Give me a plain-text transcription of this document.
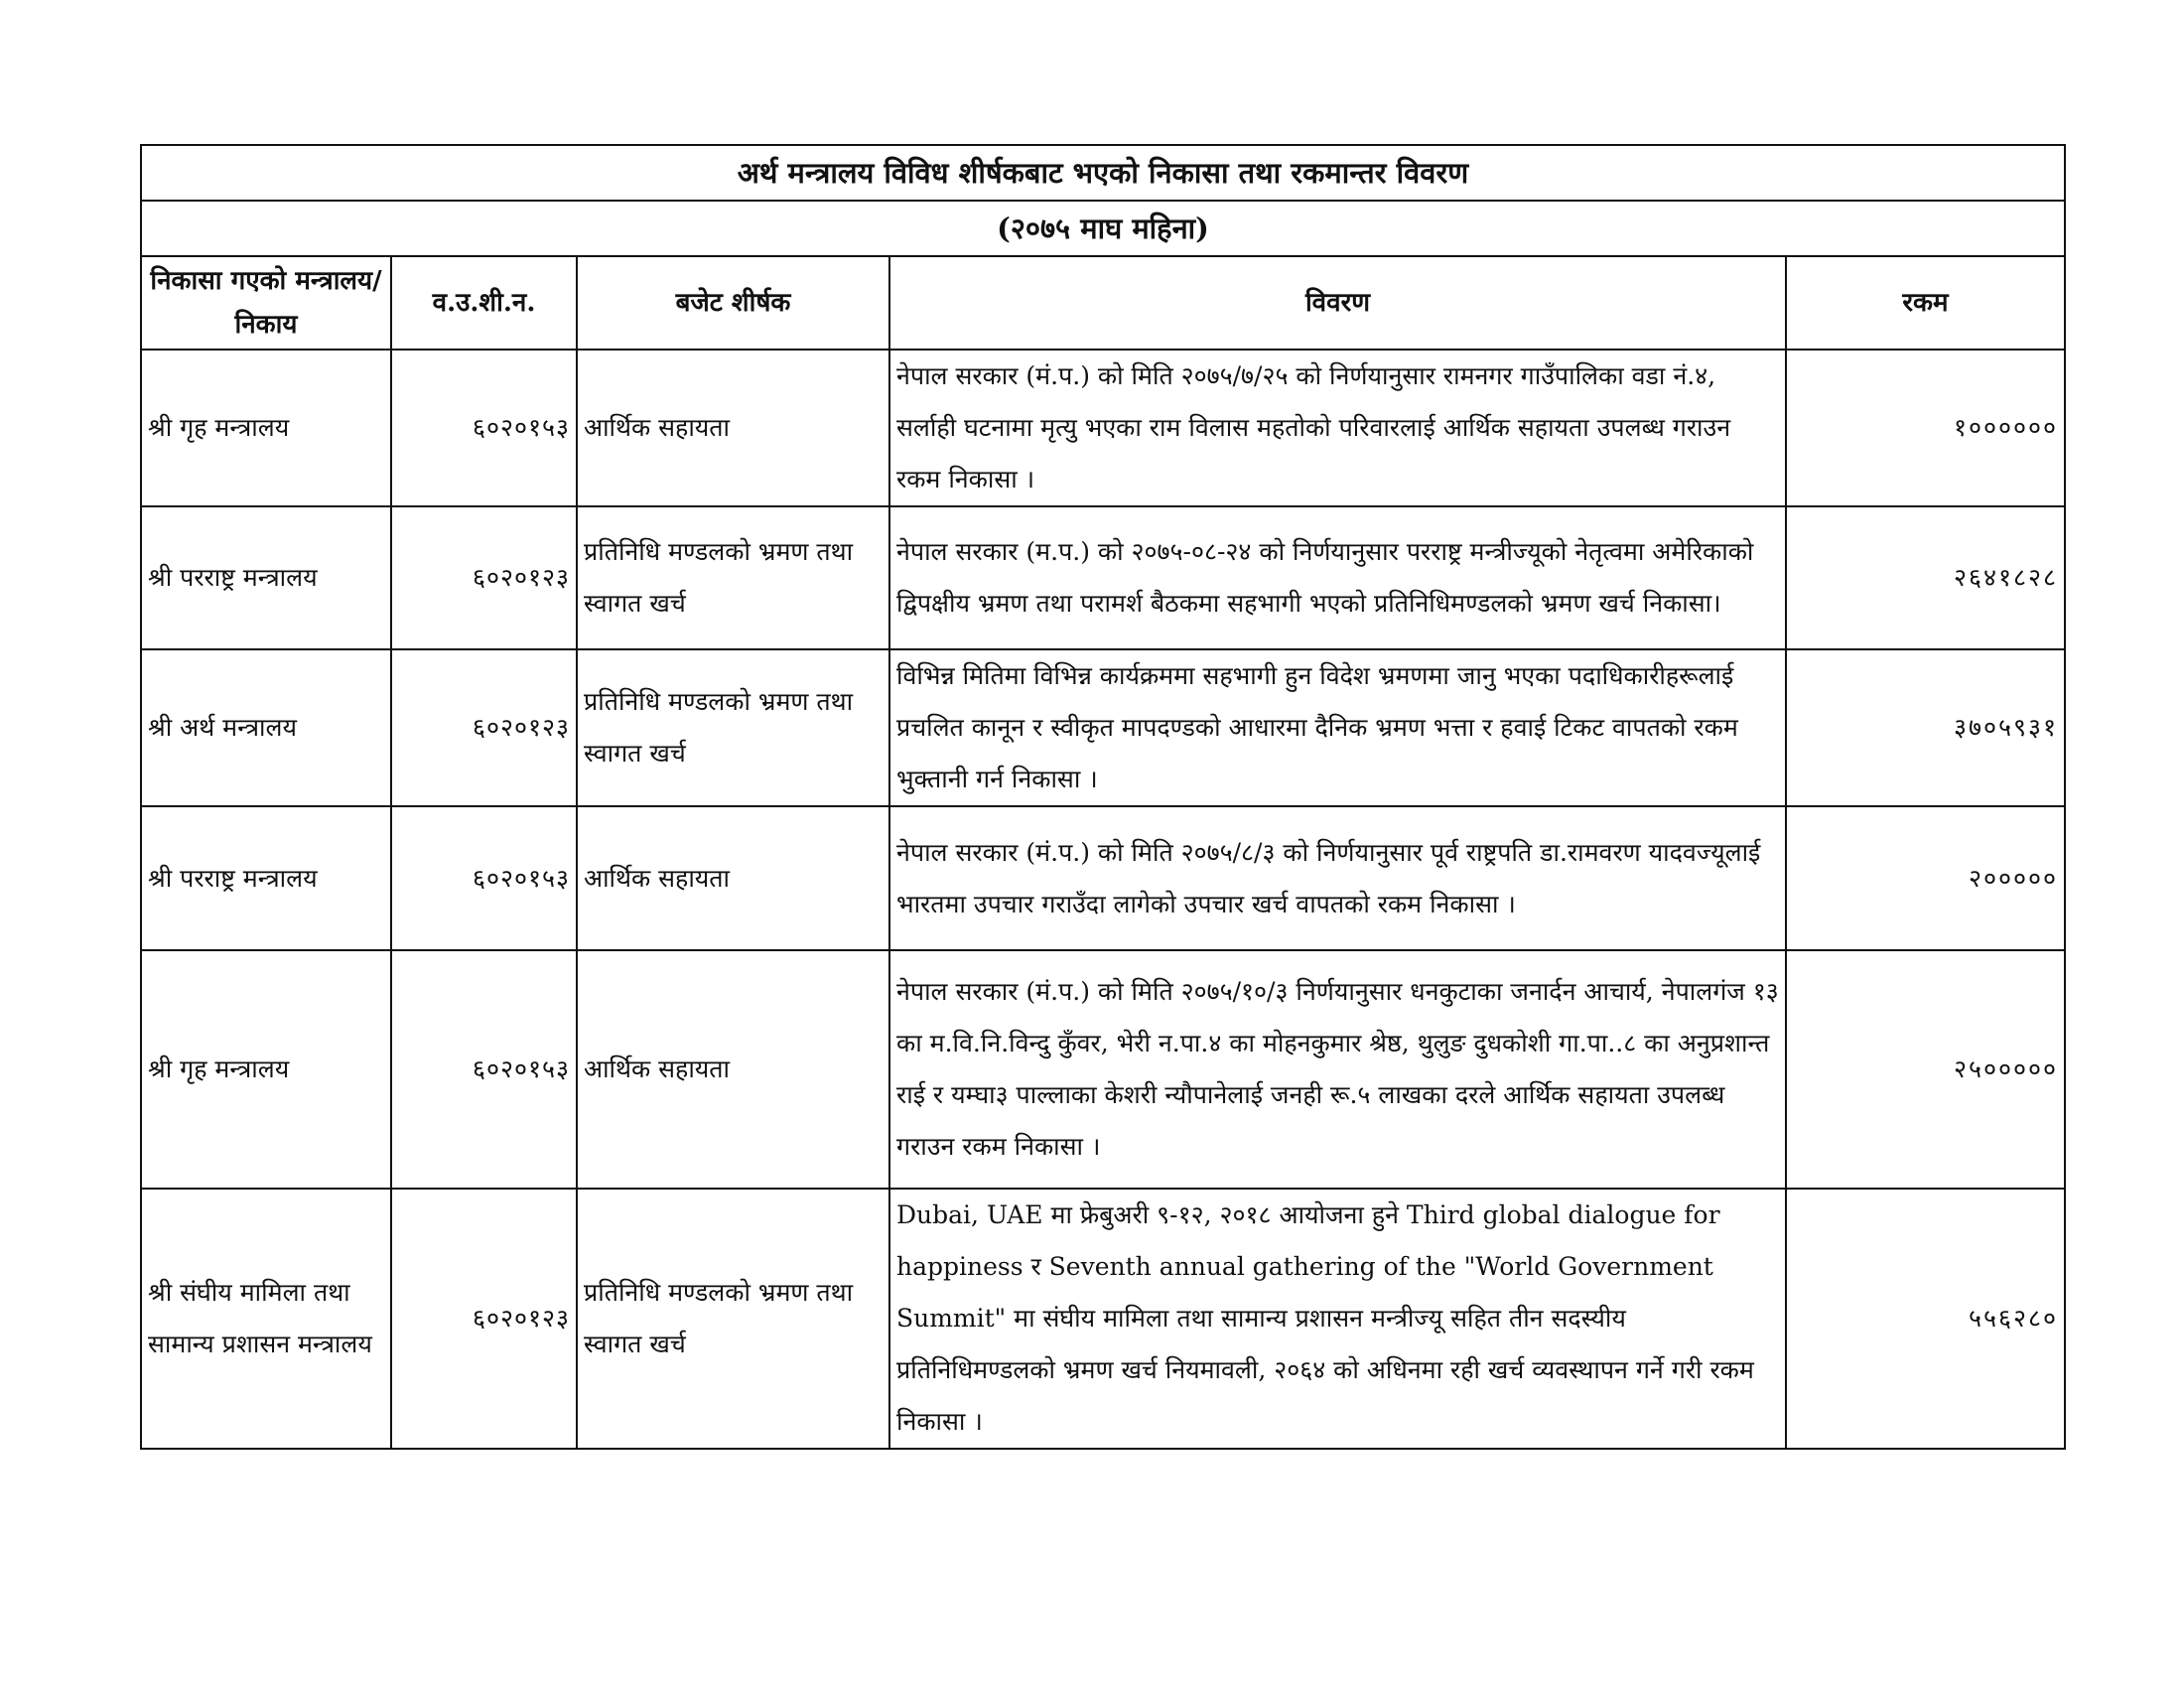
अर्थ मन्त्रालय विविध शीर्षकबाट भएको निकासा तथा रकमान्तर विवरण				
(२०७५ माघ महिना)				
निकासा गएको मन्त्रालय/निकाय	व.उ.शी.न.	बजेट शीर्षक	विवरण	रकम
श्री गृह मन्त्रालय	६०२०१५३	आर्थिक सहायता	नेपाल सरकार (मं.प.) को मिति २०७५/७/२५ को निर्णयानुसार रामनगर गाउँपालिका वडा नं.४, सर्लाही घटनामा मृत्यु भएका राम विलास महतोको परिवारलाई आर्थिक सहायता उपलब्ध गराउन रकम निकासा ।	१००००००
श्री परराष्ट्र मन्त्रालय	६०२०१२३	प्रतिनिधि मण्डलको भ्रमण तथा स्वागत खर्च	नेपाल सरकार (म.प.) को २०७५-०८-२४ को निर्णयानुसार परराष्ट्र मन्त्रीज्यूको नेतृत्वमा अमेरिकाको द्विपक्षीय भ्रमण तथा परामर्श बैठकमा सहभागी भएको प्रतिनिधिमण्डलको भ्रमण खर्च निकासा।	२६४१८२८
श्री अर्थ मन्त्रालय	६०२०१२३	प्रतिनिधि मण्डलको भ्रमण तथा स्वागत खर्च	विभिन्न मितिमा विभिन्न कार्यक्रममा सहभागी हुन विदेश भ्रमणमा जानु भएका पदाधिकारीहरूलाई प्रचलित कानून र स्वीकृत मापदण्डको आधारमा दैनिक भ्रमण भत्ता र हवाई टिकट वापतको रकम भुक्तानी गर्न निकासा ।	३७०५९३१
श्री परराष्ट्र मन्त्रालय	६०२०१५३	आर्थिक सहायता	नेपाल सरकार (मं.प.) को मिति २०७५/८/३ को निर्णयानुसार पूर्व राष्ट्रपति डा.रामवरण यादवज्यूलाई भारतमा उपचार गराउँदा लागेको उपचार खर्च वापतको रकम निकासा ।	२०००००
श्री गृह मन्त्रालय	६०२०१५३	आर्थिक सहायता	नेपाल सरकार (मं.प.) को मिति २०७५/१०/३ निर्णयानुसार धनकुटाका जनार्दन आचार्य, नेपालगंज १३ का म.वि.नि.विन्दु कुँवर, भेरी न.पा.४ का मोहनकुमार श्रेष्ठ, थुलुङ दुधकोशी गा.पा..८ का अनुप्रशान्त राई र यम्घा३ पाल्लाका केशरी न्यौपानेलाई जनही रू.५ लाखका दरले आर्थिक सहायता उपलब्ध गराउन रकम निकासा ।	२५०००००
श्री संघीय मामिला तथा सामान्य प्रशासन मन्त्रालय	६०२०१२३	प्रतिनिधि मण्डलको भ्रमण तथा स्वागत खर्च	Dubai, UAE मा फ्रेबुअरी ९-१२, २०१८ आयोजना हुने Third global dialogue for happiness र Seventh annual gathering of the "World Government Summit" मा संघीय मामिला तथा सामान्य प्रशासन मन्त्रीज्यू सहित तीन सदस्यीय प्रतिनिधिमण्डलको भ्रमण खर्च नियमावली, २०६४ को अधिनमा रही खर्च व्यवस्थापन गर्ने गरी रकम निकासा ।	५५६२८०
